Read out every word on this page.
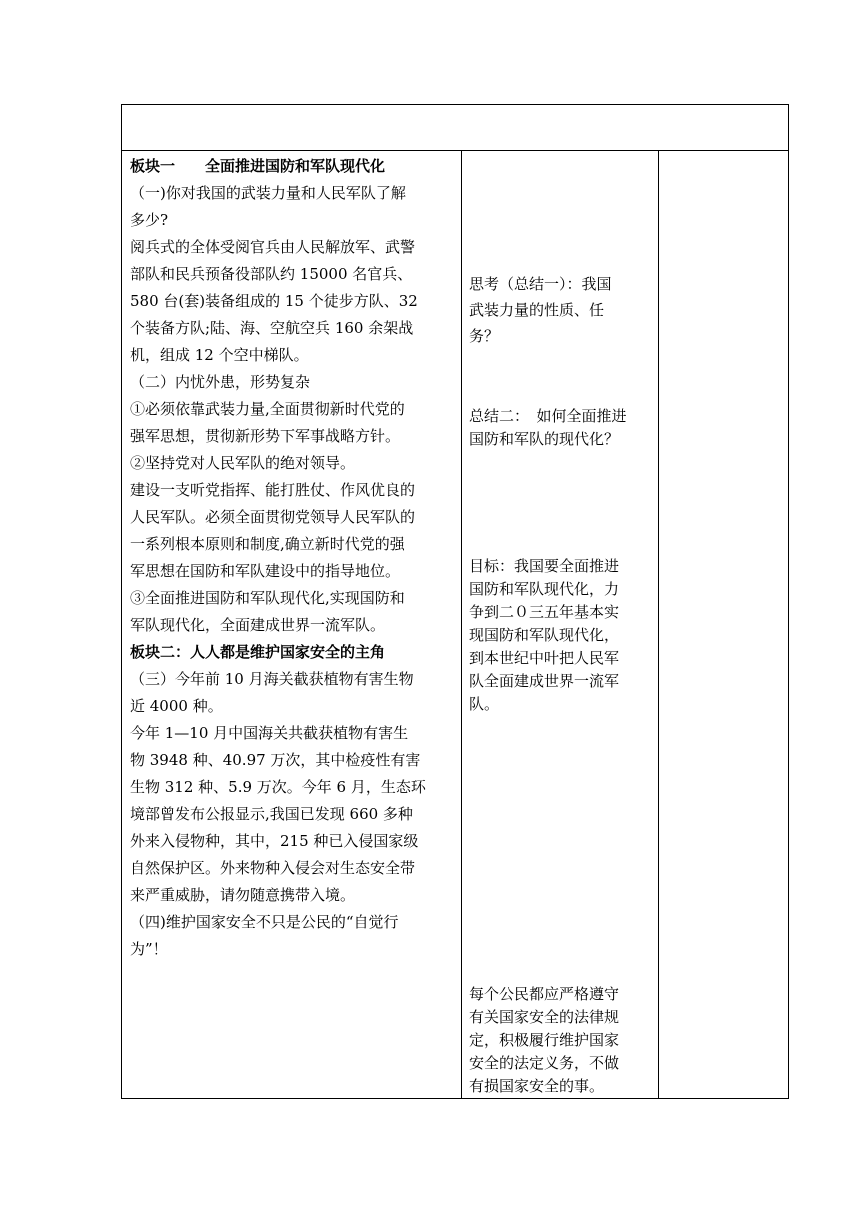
板块一　　全面推进国防和军队现代化
（一)你对我国的武装力量和人民军队了解
多少?
阅兵式的全体受阅官兵由人民解放军、武警
部队和民兵预备役部队约 15000 名官兵、
580 台(套)装备组成的 15 个徒步方队、32
个装备方队;陆、海、空航空兵 160 余架战
机，组成 12 个空中梯队。
（二）内忧外患，形势复杂
①必须依靠武装力量,全面贯彻新时代党的
强军思想，贯彻新形势下军事战略方针。
②坚持党对人民军队的绝对领导。
建设一支听党指挥、能打胜仗、作风优良的
人民军队。必须全面贯彻党领导人民军队的
一系列根本原则和制度,确立新时代党的强
军思想在国防和军队建设中的指导地位。
③全面推进国防和军队现代化,实现国防和
军队现代化，全面建成世界一流军队。
板块二：人人都是维护国家安全的主角
（三）今年前 10 月海关截获植物有害生物
近 4000 种。
今年 1—10 月中国海关共截获植物有害生
物 3948 种、40.97 万次，其中检疫性有害
生物 312 种、5.9 万次。今年 6 月，生态环
境部曾发布公报显示,我国已发现 660 多种
外来入侵物种，其中，215 种已入侵国家级
自然保护区。外来物种入侵会对生态安全带
来严重威胁，请勿随意携带入境。
（四)维护国家安全不只是公民的“自觉行
为”！
思考（总结一）：我国
武装力量的性质、任
务？
总结二：　如何全面推进
国防和军队的现代化？
目标：我国要全面推进
国防和军队现代化，力
争到二０三五年基本实
现国防和军队现代化，
到本世纪中叶把人民军
队全面建成世界一流军
队。
每个公民都应严格遵守
有关国家安全的法律规
定，积极履行维护国家
安全的法定义务，不做
有损国家安全的事。
